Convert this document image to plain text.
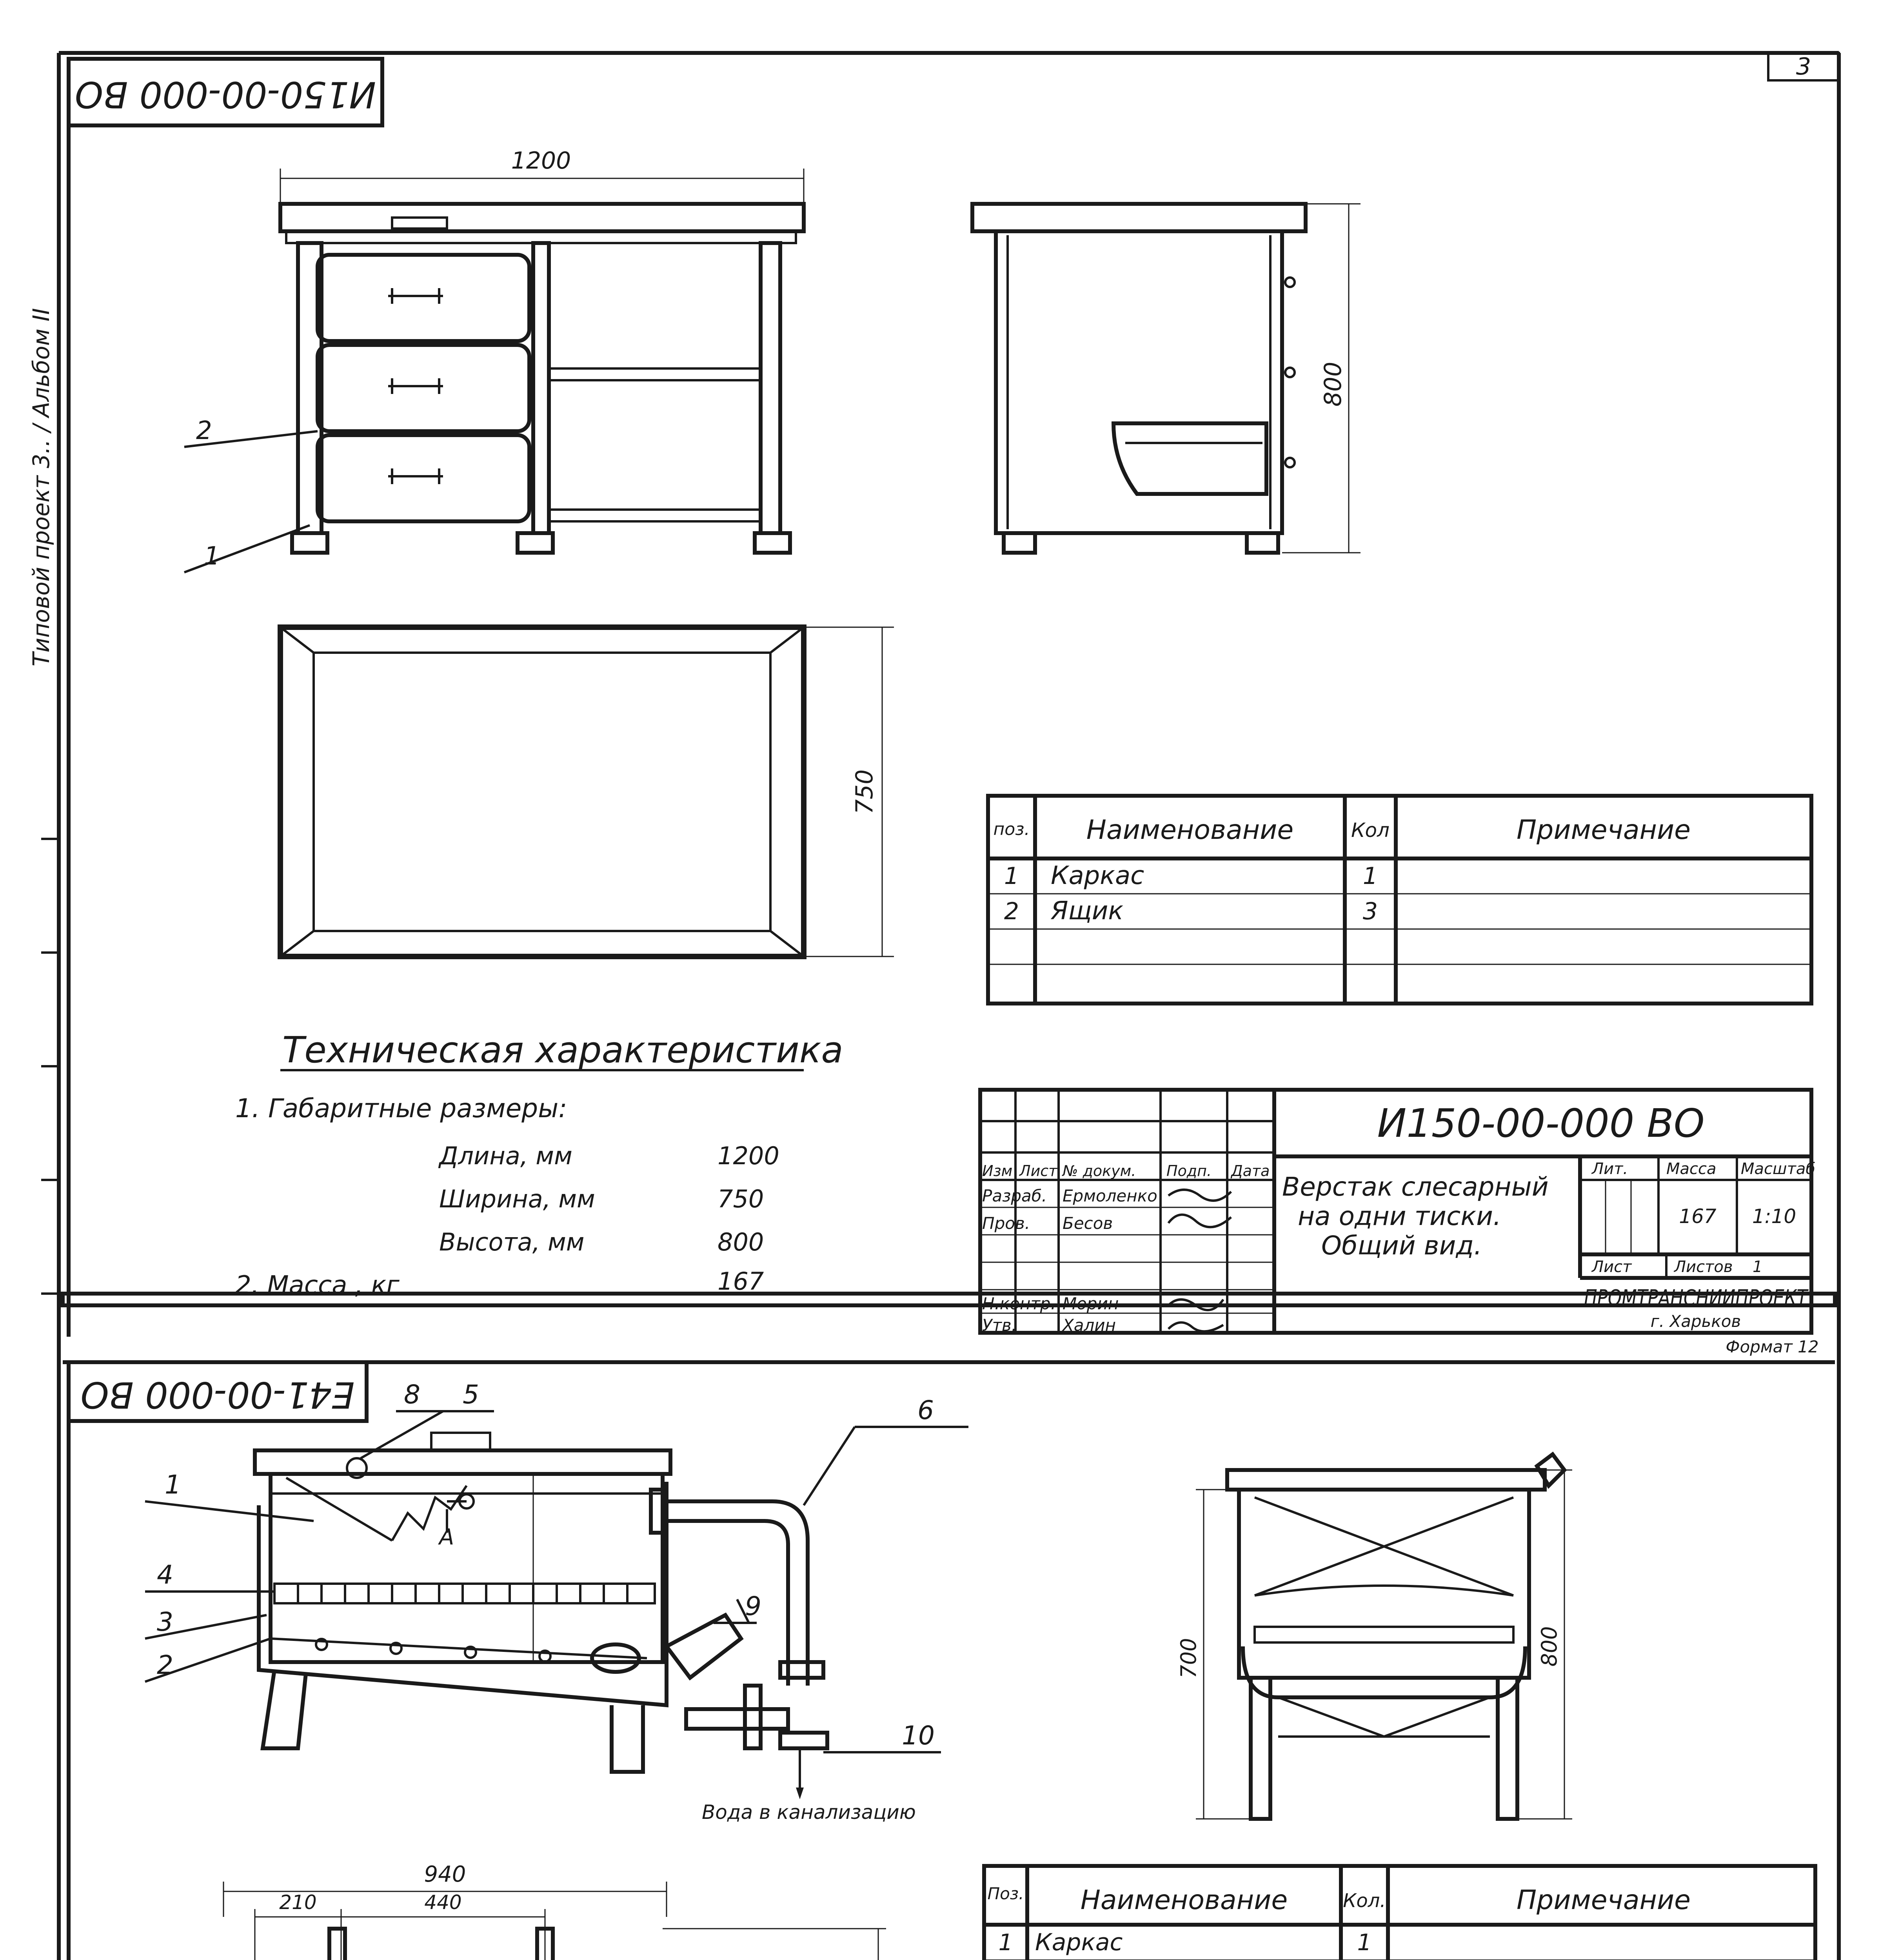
3
Типовой проект 3.. / Альбом II
И150-00-000 ВО
1200
2
1
800
750
поз. Наименование	Кол	Примечание
1 Каркас	1
2 Ящик	3
Техническая характеристика
1. Габаритные размеры:
Длина, мм	1200
Ширина, мм	750
Высота, мм	800
2. Масса , кг	167
И150-00-000 ВО
Изм Лист № докум. Подп. Дата
Разраб. Ермоленко
Пров. Бесов
Н.контр. Морин
Утв.	Халин
Верстак слесарный
на одни тиски.
Общий вид.
Лит. Масса Масштаб
167 1:10
Лист	Листов 1
ПРОМТРАНСНИИПРОЕКТ
г. Харьков
Формат 12
Е41-00-000 ВО
А
Вода в канализацию
1
2
3
4
5
8
6
9
10
700	800
940
210	440	Поз. Наименование	Кол.	Примечание
1 Каркас	1
